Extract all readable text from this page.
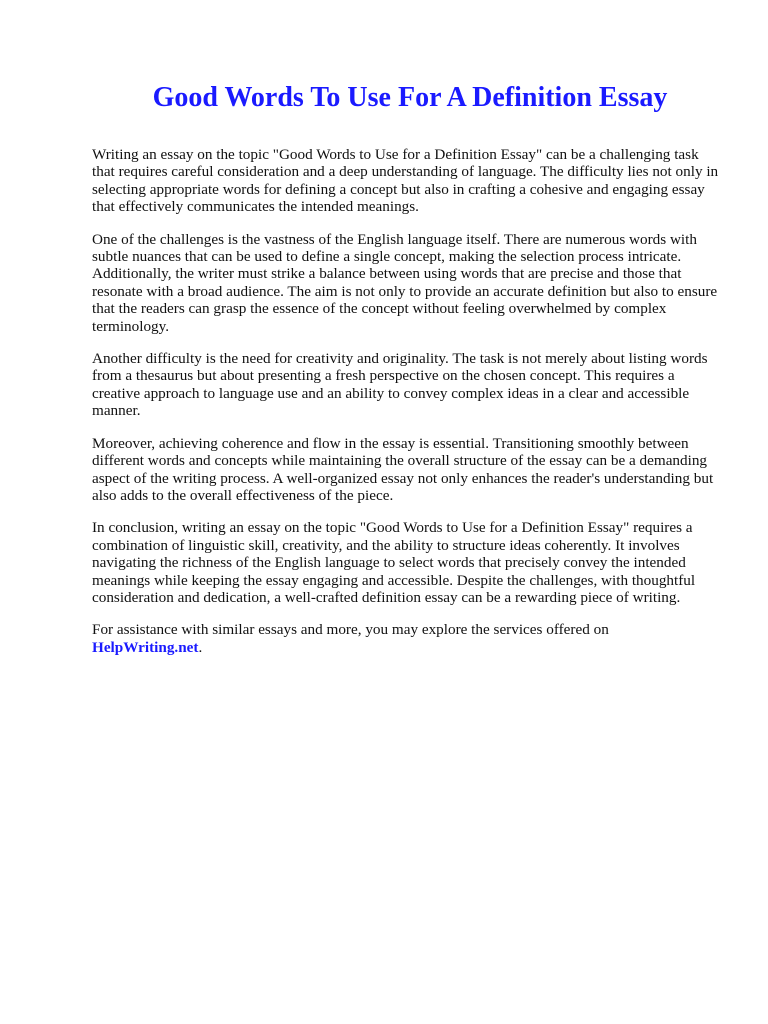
Good Words To Use For A Definition Essay

Writing an essay on the topic "Good Words to Use for a Definition Essay" can be a challenging task that requires careful consideration and a deep understanding of language. The difficulty lies not only in selecting appropriate words for defining a concept but also in crafting a cohesive and engaging essay that effectively communicates the intended meanings.

One of the challenges is the vastness of the English language itself. There are numerous words with subtle nuances that can be used to define a single concept, making the selection process intricate. Additionally, the writer must strike a balance between using words that are precise and those that resonate with a broad audience. The aim is not only to provide an accurate definition but also to ensure that the readers can grasp the essence of the concept without feeling overwhelmed by complex terminology.

Another difficulty is the need for creativity and originality. The task is not merely about listing words from a thesaurus but about presenting a fresh perspective on the chosen concept. This requires a creative approach to language use and an ability to convey complex ideas in a clear and accessible manner.

Moreover, achieving coherence and flow in the essay is essential. Transitioning smoothly between different words and concepts while maintaining the overall structure of the essay can be a demanding aspect of the writing process. A well-organized essay not only enhances the reader's understanding but also adds to the overall effectiveness of the piece.

In conclusion, writing an essay on the topic "Good Words to Use for a Definition Essay" requires a combination of linguistic skill, creativity, and the ability to structure ideas coherently. It involves navigating the richness of the English language to select words that precisely convey the intended meanings while keeping the essay engaging and accessible. Despite the challenges, with thoughtful consideration and dedication, a well-crafted definition essay can be a rewarding piece of writing.

For assistance with similar essays and more, you may explore the services offered on
HelpWriting.net.
